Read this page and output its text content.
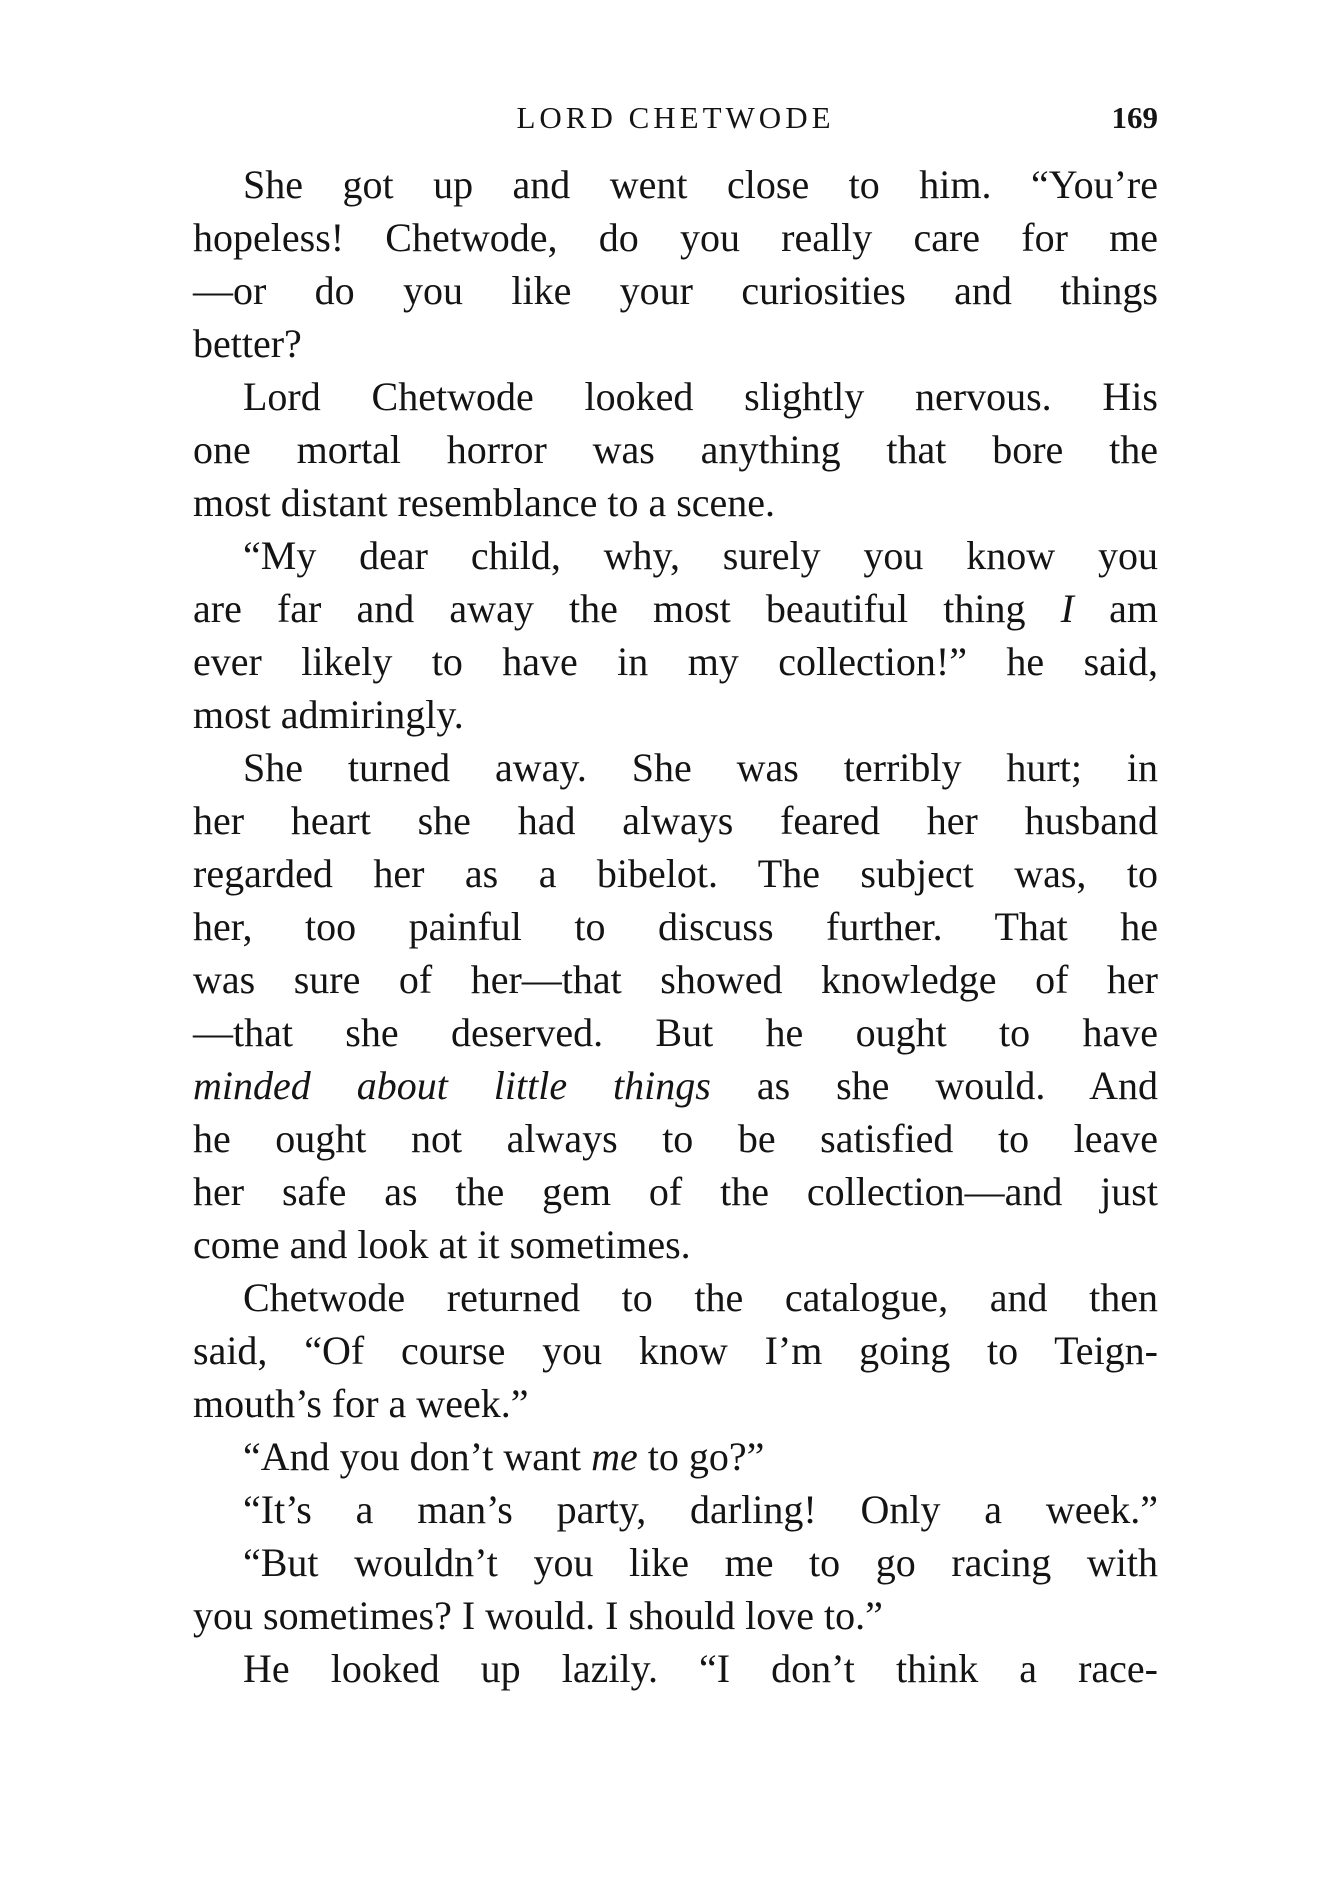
LORD CHETWODE	169

She got up and went close to him. “You’re
hopeless! Chetwode, do you really care for me
—or do you like your curiosities and things
better?

Lord Chetwode looked slightly nervous. His
one mortal horror was anything that bore the
most distant resemblance to a scene.

“My dear child, why, surely you know you
are far and away the most beautiful thing I am
ever likely to have in my collection!” he said,
most admiringly.

She turned away. She was terribly hurt; in
her heart she had always feared her husband
regarded her as a bibelot. The subject was, to
her, too painful to discuss further. That he
was sure of her—that showed knowledge of her
—that she deserved. But he ought to have
minded about little things as she would. And
he ought not always to be satisfied to leave
her safe as the gem of the collection—and just
come and look at it sometimes.

Chetwode returned to the catalogue, and then
said, “Of course you know I’m going to Teign-
mouth’s for a week.”

“And you don’t want me to go?”

“It’s a man’s party, darling! Only a week.”

“But wouldn’t you like me to go racing with
you sometimes? I would. I should love to.”

He looked up lazily. “I don’t think a race-
